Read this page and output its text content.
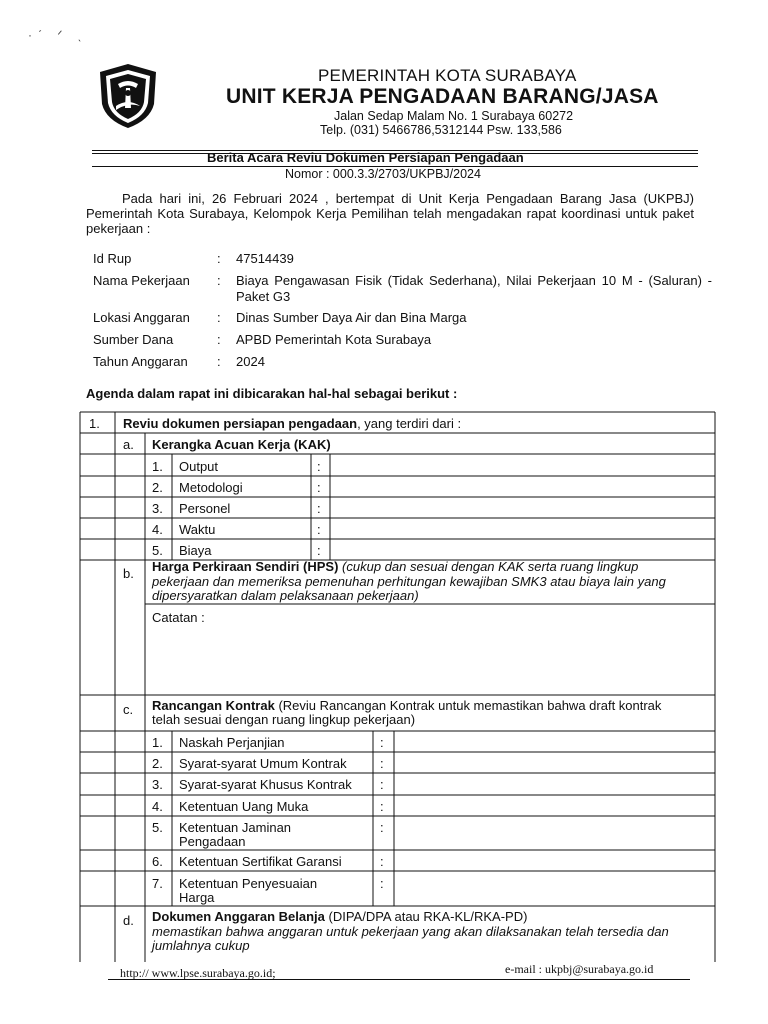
·ˊ ᐟ ˎ
PEMERINTAH KOTA SURABAYA
UNIT KERJA PENGADAAN BARANG/JASA
Jalan Sedap Malam No. 1 Surabaya 60272
Telp. (031) 5466786,5312144 Psw. 133,586
Berita Acara Reviu Dokumen Persiapan Pengadaan
Nomor : 000.3.3/2703/UKPBJ/2024
Pada hari ini, 26 Februari 2024 , bertempat di Unit Kerja Pengadaan Barang Jasa (UKPBJ) Pemerintah Kota Surabaya, Kelompok Kerja Pemilihan telah mengadakan rapat koordinasi untuk paket pekerjaan :
Id Rup	: 47514439
Nama Pekerjaan	: Biaya Pengawasan Fisik (Tidak Sederhana), Nilai Pekerjaan 10 M - (Saluran) - Paket G3
Lokasi Anggaran	: Dinas Sumber Daya Air dan Bina Marga
Sumber Dana	: APBD Pemerintah Kota Surabaya
Tahun Anggaran	: 2024
Agenda dalam rapat ini dibicarakan hal-hal sebagai berikut :
1. Reviu dokumen persiapan pengadaan, yang terdiri dari :
a. Kerangka Acuan Kerja (KAK)
1. Output	:
2. Metodologi	:
3. Personel	:
4. Waktu	:
5. Biaya	:
b. Harga Perkiraan Sendiri (HPS) (cukup dan sesuai dengan KAK serta ruang lingkup
pekerjaan dan memeriksa pemenuhan perhitungan kewajiban SMK3 atau biaya lain yang
dipersyaratkan dalam pelaksanaan pekerjaan)
Catatan :
c. Rancangan Kontrak (Reviu Rancangan Kontrak untuk memastikan bahwa draft kontrak
telah sesuai dengan ruang lingkup pekerjaan)
1. Naskah Perjanjian	:
2. Syarat-syarat Umum Kontrak	:
3. Syarat-syarat Khusus Kontrak :
4. Ketentuan Uang Muka	:
5. Ketentuan Jaminan
Pengadaan
:
6. Ketentuan Sertifikat Garansi	:
7. Ketentuan Penyesuaian
Harga
:
d. Dokumen Anggaran Belanja (DIPA/DPA atau RKA-KL/RKA-PD)
memastikan bahwa anggaran untuk pekerjaan yang akan dilaksanakan telah tersedia dan
jumlahnya cukup
http:// www.lpse.surabaya.go.id;	e-mail : ukpbj@surabaya.go.id
